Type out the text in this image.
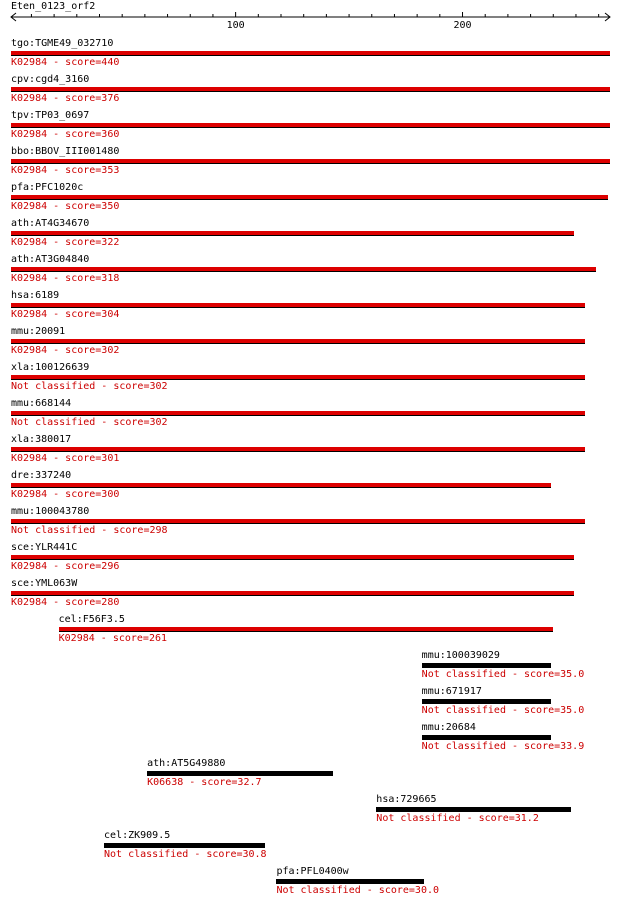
Eten_0123_orf2
100	200
tgo:TGME49_032710
K02984 - score=440
cpv:cgd4_3160
K02984 - score=376
tpv:TP03_0697
K02984 - score=360
bbo:BBOV_III001480
K02984 - score=353
pfa:PFC1020c
K02984 - score=350
ath:AT4G34670
K02984 - score=322
ath:AT3G04840
K02984 - score=318
hsa:6189
K02984 - score=304
mmu:20091
K02984 - score=302
xla:100126639
Not classified - score=302
mmu:668144
Not classified - score=302
xla:380017
K02984 - score=301
dre:337240
K02984 - score=300
mmu:100043780
Not classified - score=298
sce:YLR441C
K02984 - score=296
sce:YML063W
K02984 - score=280
cel:F56F3.5
K02984 - score=261
mmu:100039029
Not classified - score=35.0
mmu:671917
Not classified - score=35.0
mmu:20684
Not classified - score=33.9
ath:AT5G49880
K06638 - score=32.7
hsa:729665
Not classified - score=31.2
cel:ZK909.5
Not classified - score=30.8
pfa:PFL0400w
Not classified - score=30.0
